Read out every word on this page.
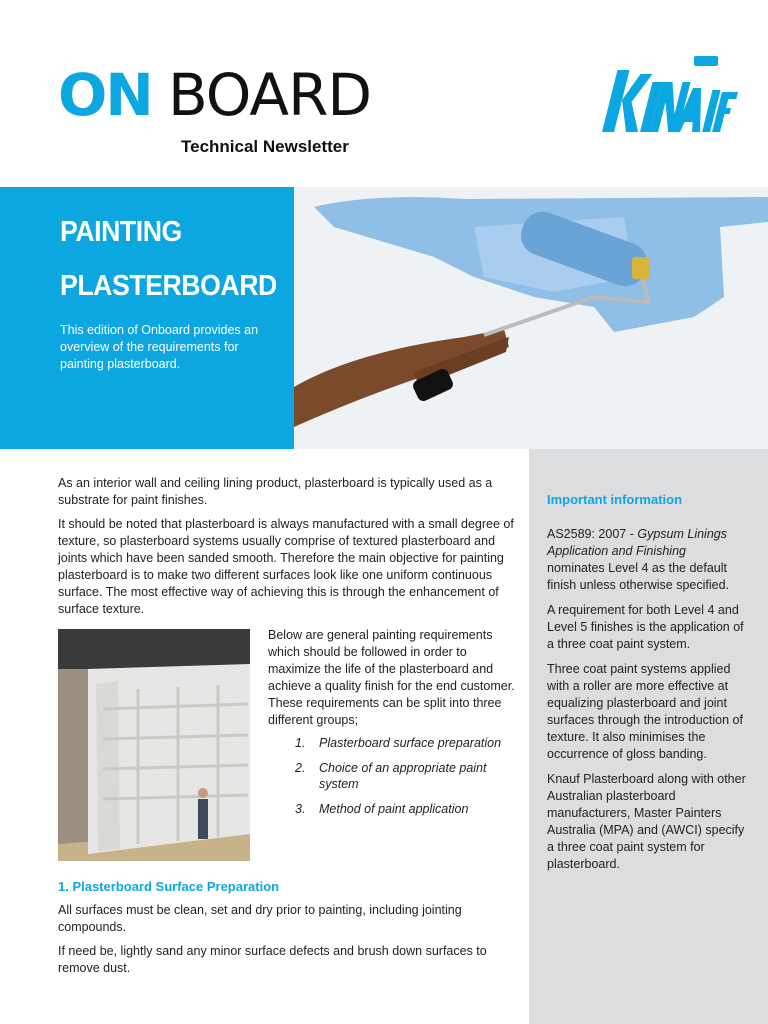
ON BOARD
Technical Newsletter
PAINTING
PLASTERBOARD
This edition of Onboard provides an overview of the requirements for painting plasterboard.
Important information

AS2589: 2007 - Gypsum Linings Application and Finishing nominates Level 4 as the default finish unless otherwise specified.

A requirement for both Level 4 and Level 5 finishes is the application of a three coat paint system.

Three coat paint systems applied with a roller are more effective at equalizing plasterboard and joint surfaces through the introduction of texture. It also minimises the occurrence of gloss banding.

Knauf Plasterboard along with other Australian plasterboard manufacturers, Master Painters Australia (MPA) and (AWCI) specify a three coat paint system for plasterboard.

As an interior wall and ceiling lining product, plasterboard is typically used as a substrate for paint finishes.
It should be noted that plasterboard is always manufactured with a small degree of texture, so plasterboard systems usually comprise of textured plasterboard and joints which have been sanded smooth. Therefore the main objective for painting plasterboard is to make two different surfaces look like one uniform continuous surface. The most effective way of achieving this is through the enhancement of surface texture.
Below are general painting requirements which should be followed in order to maximize the life of the plasterboard and achieve a quality finish for the end customer. These requirements can be split into three different groups;
1.	Plasterboard surface preparation
2.	Choice of an appropriate paint system
3.	Method of paint application
1. Plasterboard Surface Preparation
All surfaces must be clean, set and dry prior to painting, including jointing compounds.
If need be, lightly sand any minor surface defects and brush down surfaces to remove dust.
